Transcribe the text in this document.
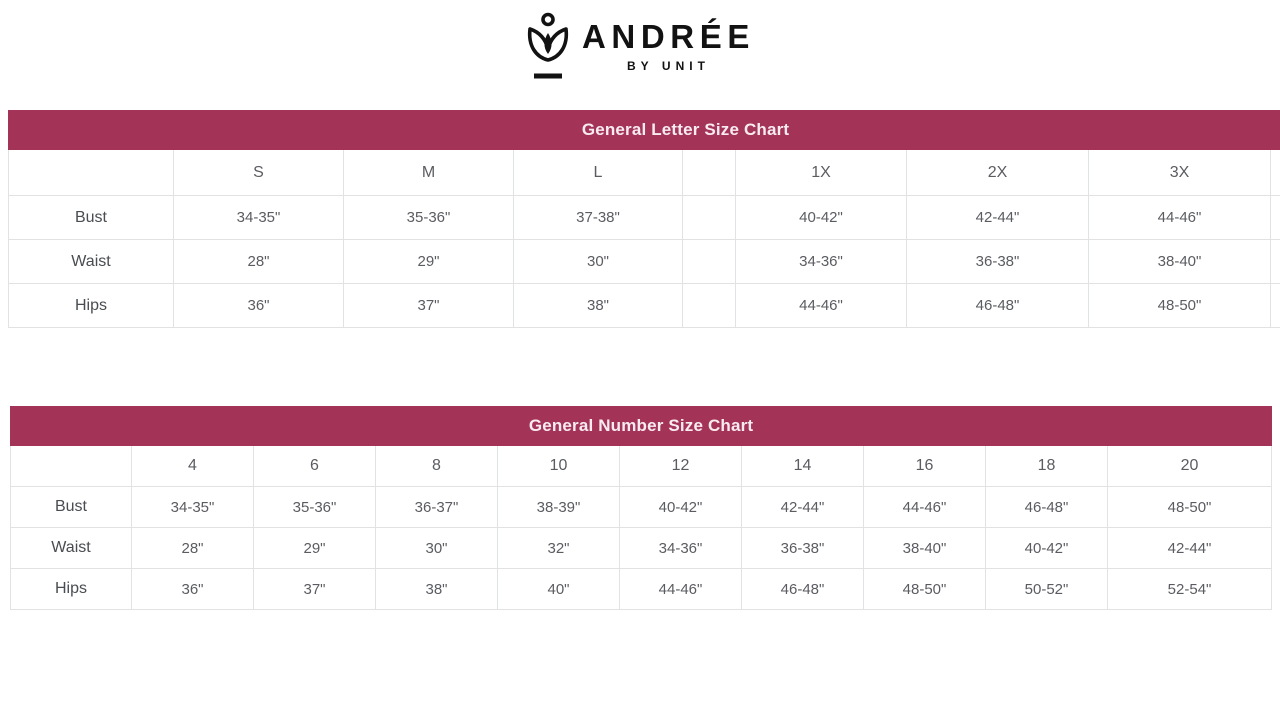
ANDRÉE
BY UNIT
General Letter Size Chart								
	S	M	L		1X	2X	3X	
Bust	34-35"	35-36"	37-38"		40-42"	42-44"	44-46"	
Waist	28"	29"	30"		34-36"	36-38"	38-40"	
Hips	36"	37"	38"		44-46"	46-48"	48-50"	
General Number Size Chart									
	4	6	8	10	12	14	16	18	20
Bust	34-35"	35-36"	36-37"	38-39"	40-42"	42-44"	44-46"	46-48"	48-50"
Waist	28"	29"	30"	32"	34-36"	36-38"	38-40"	40-42"	42-44"
Hips	36"	37"	38"	40"	44-46"	46-48"	48-50"	50-52"	52-54"
